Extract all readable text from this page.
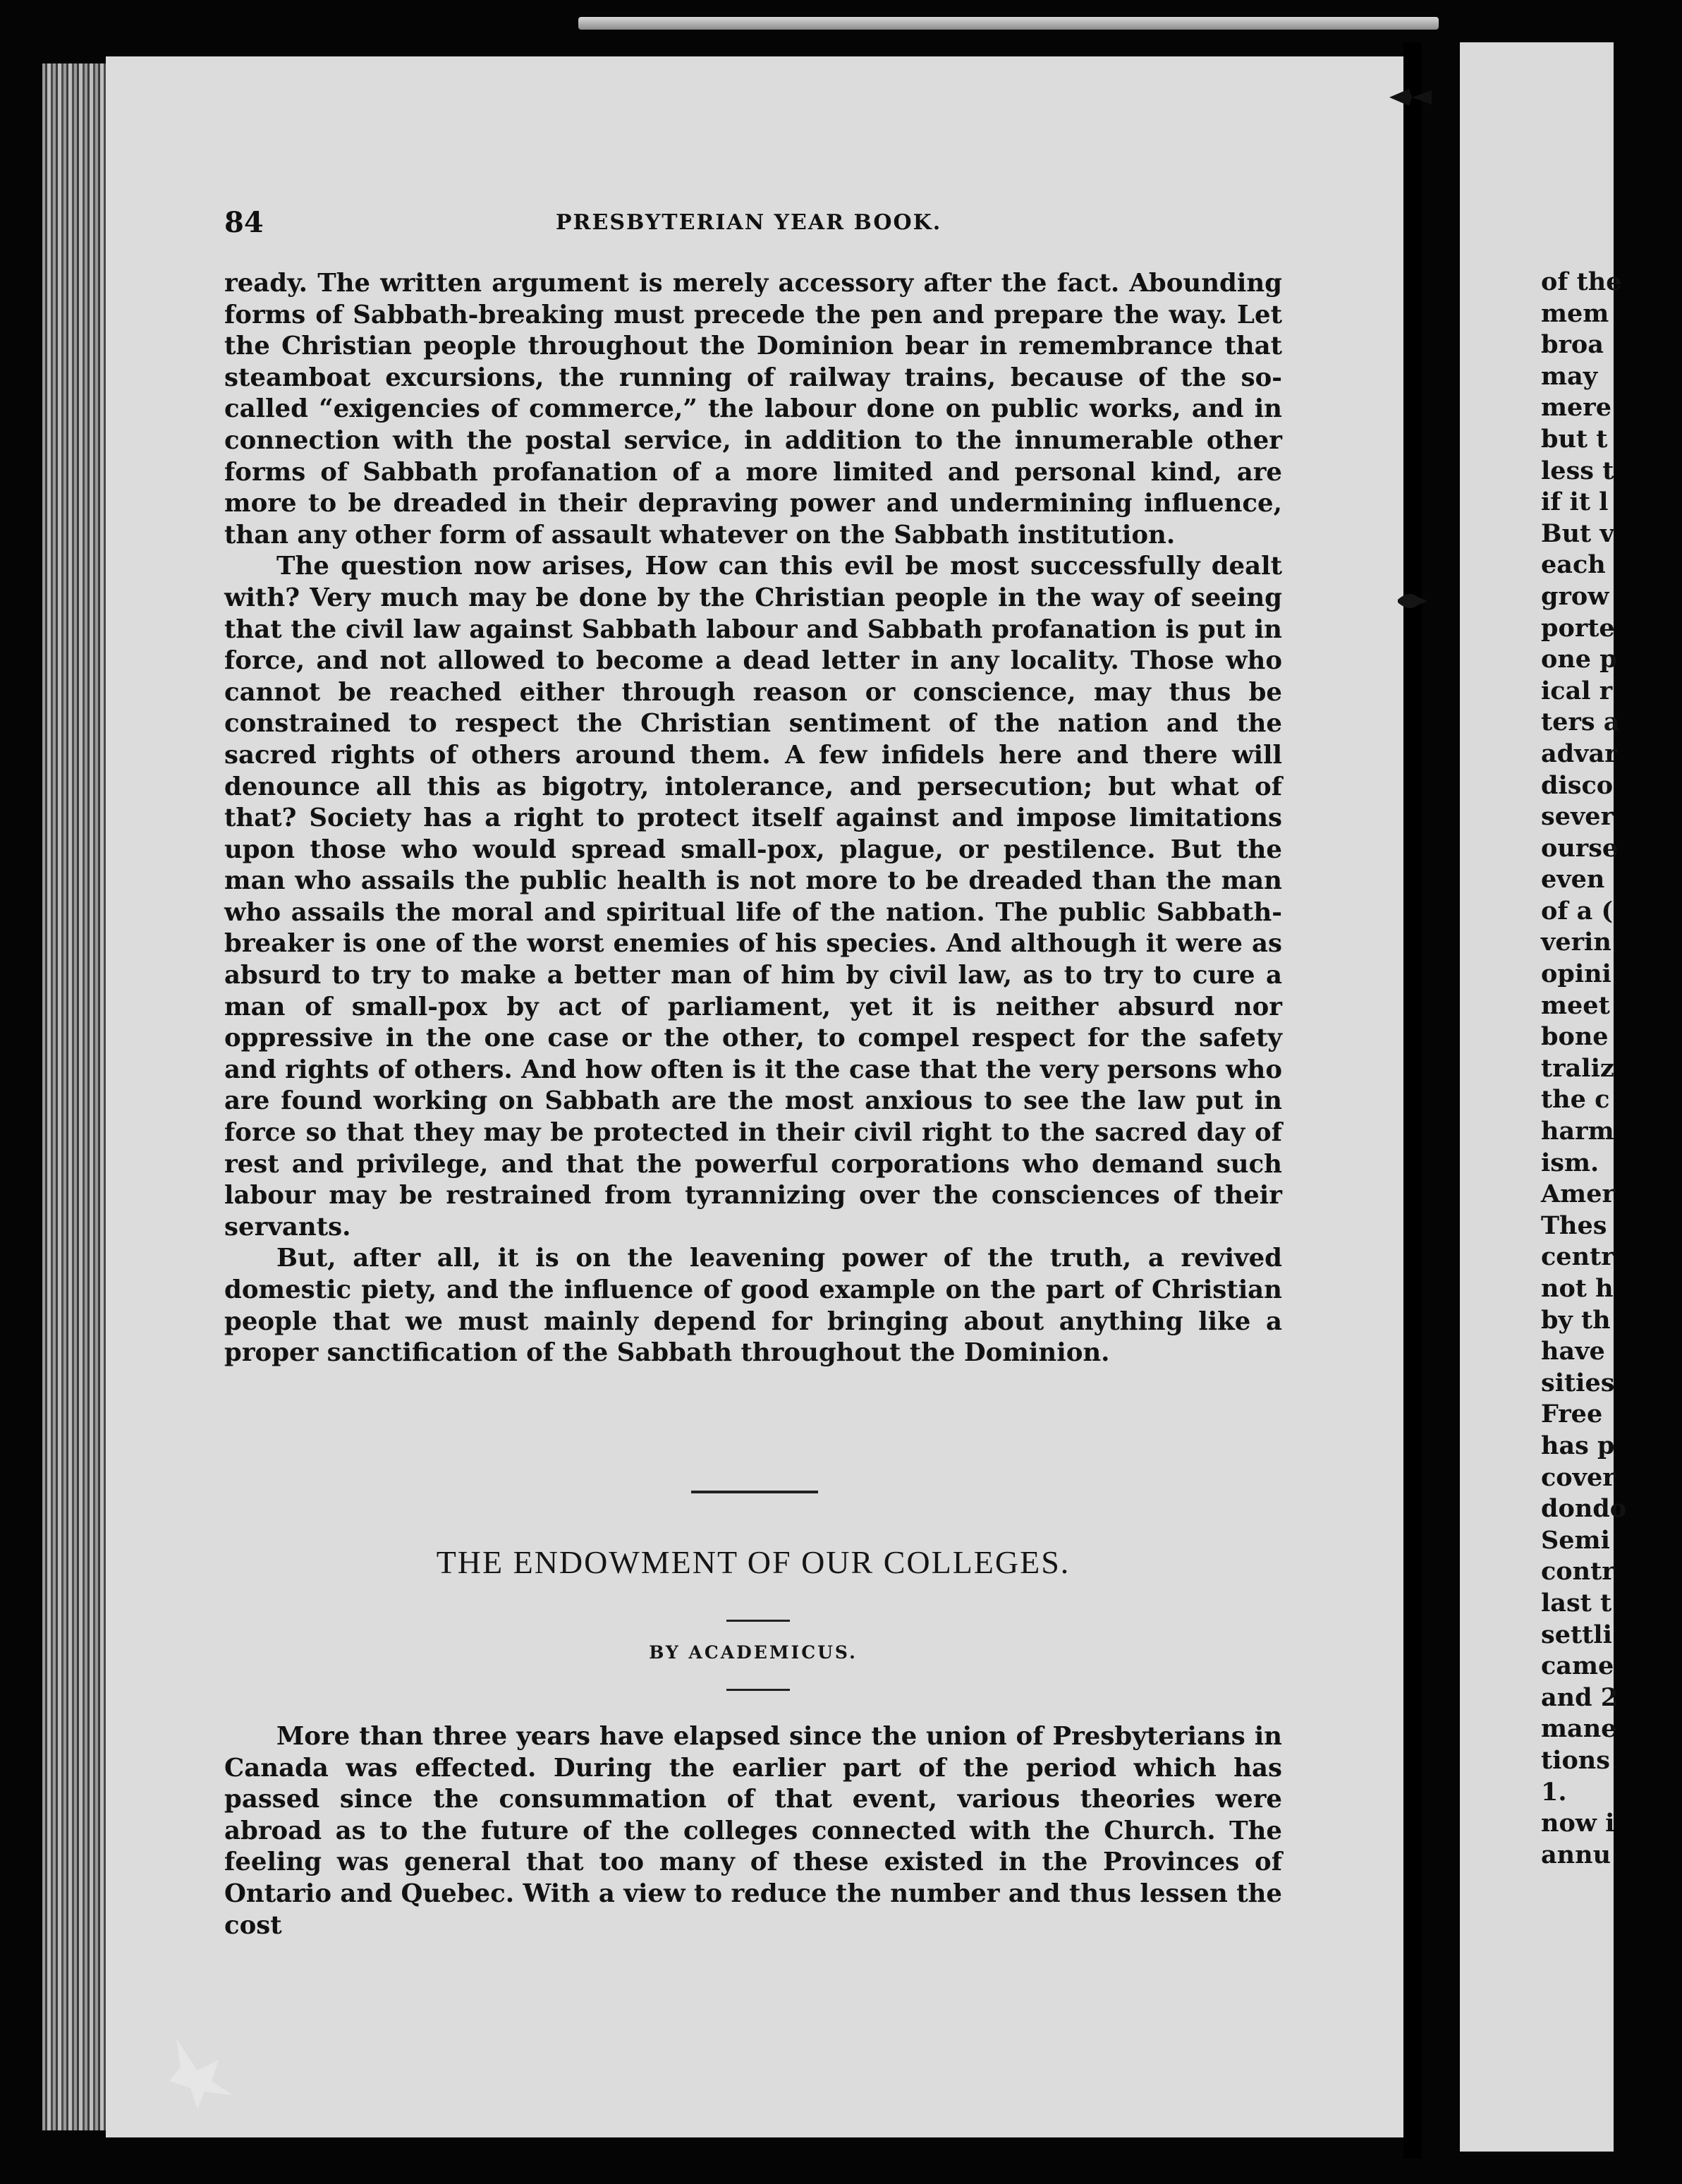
of the
mem
broa
may
mere
but t
less t
if it l
But v
each
grow
porte
one p
ical r
ters a
advar
disco
sever
ourse
even
of a (
verin
opini
meet
bone
traliz
the c
harm
ism.
Amer
Thes
centr
not h
by th
have
sities
Free
has p
cover
dondo
Semi
contr
last t
settli
came
and 2
mane
tions
1.
now i
annu
84	PRESBYTERIAN YEAR BOOK.

ready. The written argument is merely accessory after the fact. Abounding forms of Sabbath-breaking must precede the pen and prepare the way. Let the Christian people throughout the Dominion bear in remembrance that steamboat excursions, the running of railway trains, because of the so-called “exigencies of commerce,” the labour done on public works, and in connection with the postal service, in addition to the innumerable other forms of Sabbath profanation of a more limited and personal kind, are more to be dreaded in their depraving power and undermining influence, than any other form of assault whatever on the Sabbath institution.

The question now arises, How can this evil be most successfully dealt with? Very much may be done by the Christian people in the way of seeing that the civil law against Sabbath labour and Sabbath profanation is put in force, and not allowed to become a dead letter in any locality. Those who cannot be reached either through reason or conscience, may thus be constrained to respect the Christian sentiment of the nation and the sacred rights of others around them. A few infidels here and there will denounce all this as bigotry, intolerance, and persecution; but what of that? Society has a right to protect itself against and impose limitations upon those who would spread small-pox, plague, or pestilence. But the man who assails the public health is not more to be dreaded than the man who assails the moral and spiritual life of the nation. The public Sabbath-breaker is one of the worst enemies of his species. And although it were as absurd to try to make a better man of him by civil law, as to try to cure a man of small-pox by act of parliament, yet it is neither absurd nor oppressive in the one case or the other, to compel respect for the safety and rights of others. And how often is it the case that the very persons who are found working on Sabbath are the most anxious to see the law put in force so that they may be protected in their civil right to the sacred day of rest and privilege, and that the powerful corporations who demand such labour may be restrained from tyrannizing over the consciences of their servants.

But, after all, it is on the leavening power of the truth, a revived domestic piety, and the influence of good example on the part of Christian people that we must mainly depend for bringing about anything like a proper sanctification of the Sabbath throughout the Dominion.

THE ENDOWMENT OF OUR COLLEGES.
BY ACADEMICUS.

More than three years have elapsed since the union of Presbyterians in Canada was effected. During the earlier part of the period which has passed since the consummation of that event, various theories were abroad as to the future of the colleges connected with the Church. The feeling was general that too many of these existed in the Provinces of Ontario and Quebec. With a view to reduce the number and thus lessen the cost
